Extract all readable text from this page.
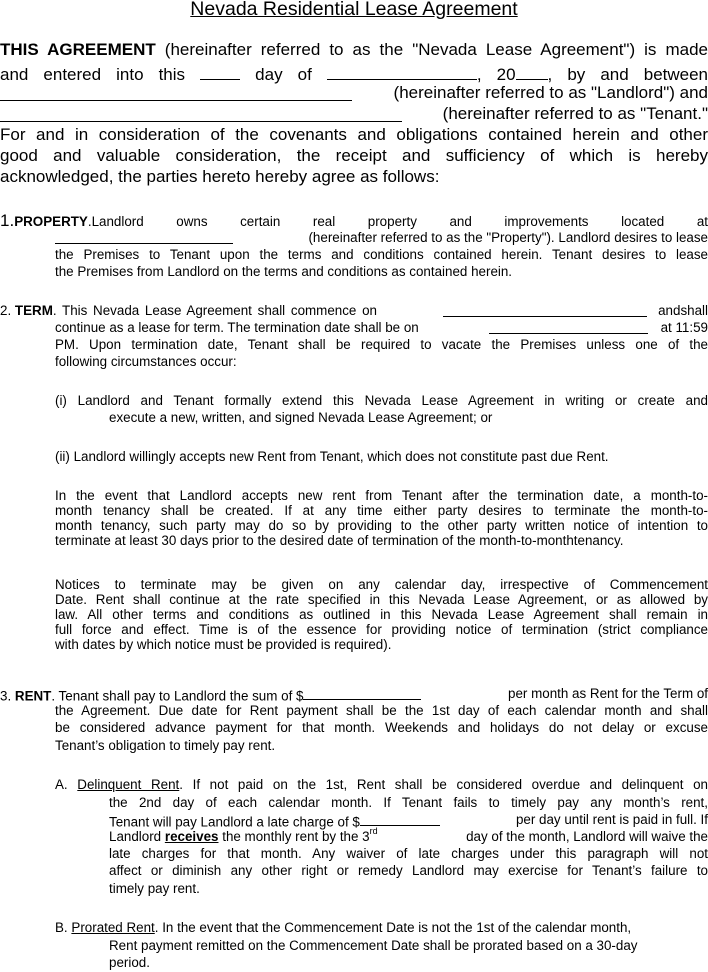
Nevada Residential Lease Agreement
THIS AGREEMENT (hereinafter referred to as the "Nevada Lease Agreement") is made
and entered into this	day of	, 20 , by and between
(hereinafter referred to as "Landlord") and
(hereinafter referred to as "Tenant."
For and in consideration of the covenants and obligations contained herein and other
good and valuable consideration, the receipt and sufficiency of which is hereby
acknowledged, the parties hereto hereby agree as follows:
1.PROPERTY.Landlord owns certain real property and improvements located at
(hereinafter referred to as the "Property"). Landlord desires to lease
the Premises to Tenant upon the terms and conditions contained herein. Tenant desires to lease
the Premises from Landlord on the terms and conditions as contained herein.
2. TERM. This Nevada Lease Agreement shall commence on	andshall
continue as a lease for term. The termination date shall be on	at 11:59
PM. Upon termination date, Tenant shall be required to vacate the Premises unless one of the
following circumstances occur:
(i) Landlord and Tenant formally extend this Nevada Lease Agreement in writing or create and
execute a new, written, and signed Nevada Lease Agreement; or
(ii) Landlord willingly accepts new Rent from Tenant, which does not constitute past due Rent.
In the event that Landlord accepts new rent from Tenant after the termination date, a month-to-
month tenancy shall be created. If at any time either party desires to terminate the month-to-
month tenancy, such party may do so by providing to the other party written notice of intention to
terminate at least 30 days prior to the desired date of termination of the month-to-monthtenancy.
Notices to terminate may be given on any calendar day, irrespective of Commencement
Date. Rent shall continue at the rate specified in this Nevada Lease Agreement, or as allowed by
law. All other terms and conditions as outlined in this Nevada Lease Agreement shall remain in
full force and effect. Time is of the essence for providing notice of termination (strict compliance
with dates by which notice must be provided is required).
3. RENT. Tenant shall pay to Landlord the sum of $	per month as Rent for the Term of
the Agreement. Due date for Rent payment shall be the 1st day of each calendar month and shall
be considered advance payment for that month. Weekends and holidays do not delay or excuse
Tenant’s obligation to timely pay rent.
A. Delinquent Rent. If not paid on the 1st, Rent shall be considered overdue and delinquent on
the 2nd day of each calendar month. If Tenant fails to timely pay any month’s rent,
Tenant will pay Landlord a late charge of $	per day until rent is paid in full. If
Landlord receives the monthly rent by the 3rd	day of the month, Landlord will waive the
late charges for that month. Any waiver of late charges under this paragraph will not
affect or diminish any other right or remedy Landlord may exercise for Tenant’s failure to
timely pay rent.
B. Prorated Rent. In the event that the Commencement Date is not the 1st of the calendar month,
Rent payment remitted on the Commencement Date shall be prorated based on a 30-day
period.
